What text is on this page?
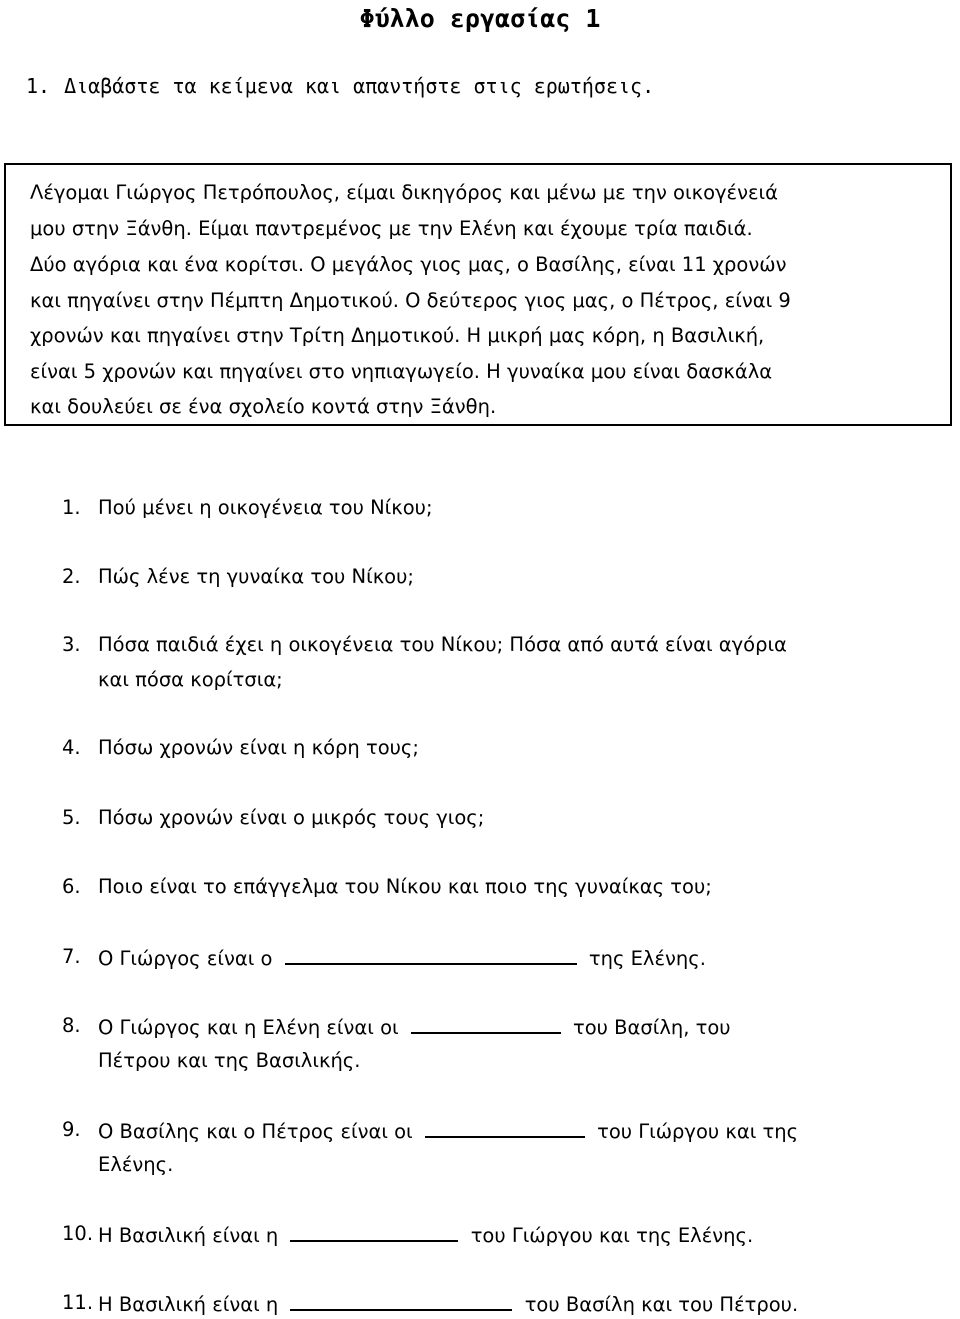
Φύλλο εργασίας 1
1. Διαβάστε τα κείμενα και απαντήστε στις ερωτήσεις.
Λέγομαι Γιώργος Πετρόπουλος, είμαι δικηγόρος και μένω με την οικογένειά
μου στην Ξάνθη. Είμαι παντρεμένος με την Ελένη και έχουμε τρία παιδιά.
Δύο αγόρια και ένα κορίτσι. Ο μεγάλος γιος μας, ο Βασίλης, είναι 11 χρονών
και πηγαίνει στην Πέμπτη Δημοτικού. Ο δεύτερος γιος μας, ο Πέτρος, είναι 9
χρονών και πηγαίνει στην Τρίτη Δημοτικού. Η μικρή μας κόρη, η Βασιλική,
είναι 5 χρονών και πηγαίνει στο νηπιαγωγείο. Η γυναίκα μου είναι δασκάλα
και δουλεύει σε ένα σχολείο κοντά στην Ξάνθη.
1. Πού μένει η οικογένεια του Νίκου;
2. Πώς λένε τη γυναίκα του Νίκου;
3. Πόσα παιδιά έχει η οικογένεια του Νίκου; Πόσα από αυτά είναι αγόρια
και πόσα κορίτσια;
4. Πόσω χρονών είναι η κόρη τους;
5. Πόσω χρονών είναι ο μικρός τους γιος;
6. Ποιο είναι το επάγγελμα του Νίκου και ποιο της γυναίκας του;
7. Ο Γιώργος είναι ο	της Ελένης.
8. Ο Γιώργος και η Ελένη είναι οι	του Βασίλη, του
Πέτρου και της Βασιλικής.
9. Ο Βασίλης και ο Πέτρος είναι οι	του Γιώργου και της
Ελένης.
10. Η Βασιλική είναι η	του Γιώργου και της Ελένης.
11. Η Βασιλική είναι η	του Βασίλη και του Πέτρου.
